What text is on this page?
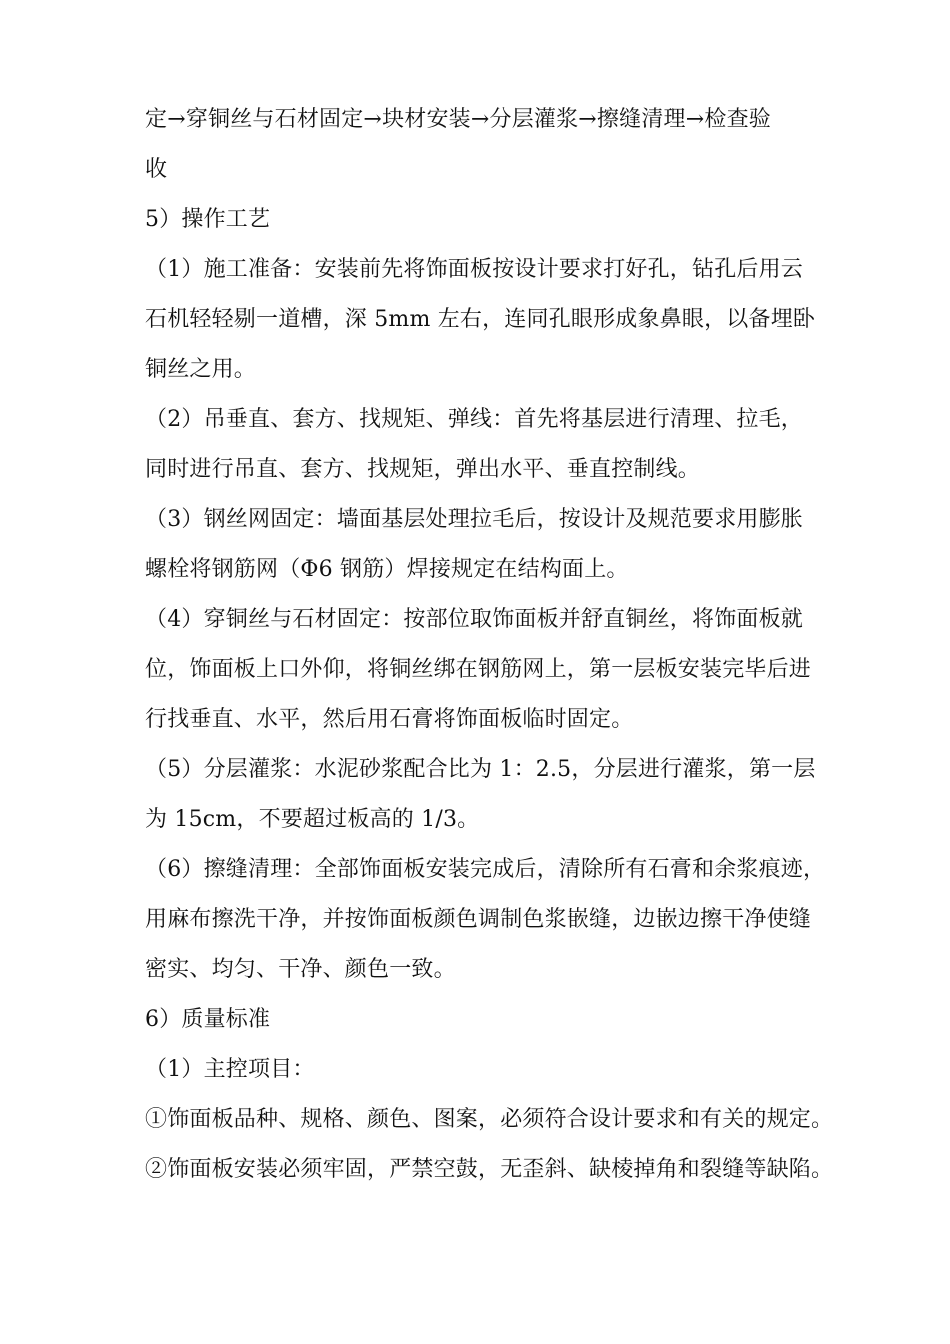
定→穿铜丝与石材固定→块材安装→分层灌浆→擦缝清理→检查验
收
5）操作工艺
（1）施工准备：安装前先将饰面板按设计要求打好孔，钻孔后用云
石机轻轻剔一道槽，深 5mm 左右，连同孔眼形成象鼻眼，以备埋卧
铜丝之用。
（2）吊垂直、套方、找规矩、弹线：首先将基层进行清理、拉毛，
同时进行吊直、套方、找规矩，弹出水平、垂直控制线。
（3）钢丝网固定：墙面基层处理拉毛后，按设计及规范要求用膨胀
螺栓将钢筋网（Φ6 钢筋）焊接规定在结构面上。
（4）穿铜丝与石材固定：按部位取饰面板并舒直铜丝，将饰面板就
位，饰面板上口外仰，将铜丝绑在钢筋网上，第一层板安装完毕后进
行找垂直、水平，然后用石膏将饰面板临时固定。
（5）分层灌浆：水泥砂浆配合比为 1：2.5，分层进行灌浆，第一层
为 15cm，不要超过板高的 1/3。
（6）擦缝清理：全部饰面板安装完成后，清除所有石膏和余浆痕迹，
用麻布擦洗干净，并按饰面板颜色调制色浆嵌缝，边嵌边擦干净使缝
密实、均匀、干净、颜色一致。
6）质量标准
（1）主控项目：
①饰面板品种、规格、颜色、图案，必须符合设计要求和有关的规定。
②饰面板安装必须牢固，严禁空鼓，无歪斜、缺棱掉角和裂缝等缺陷。
